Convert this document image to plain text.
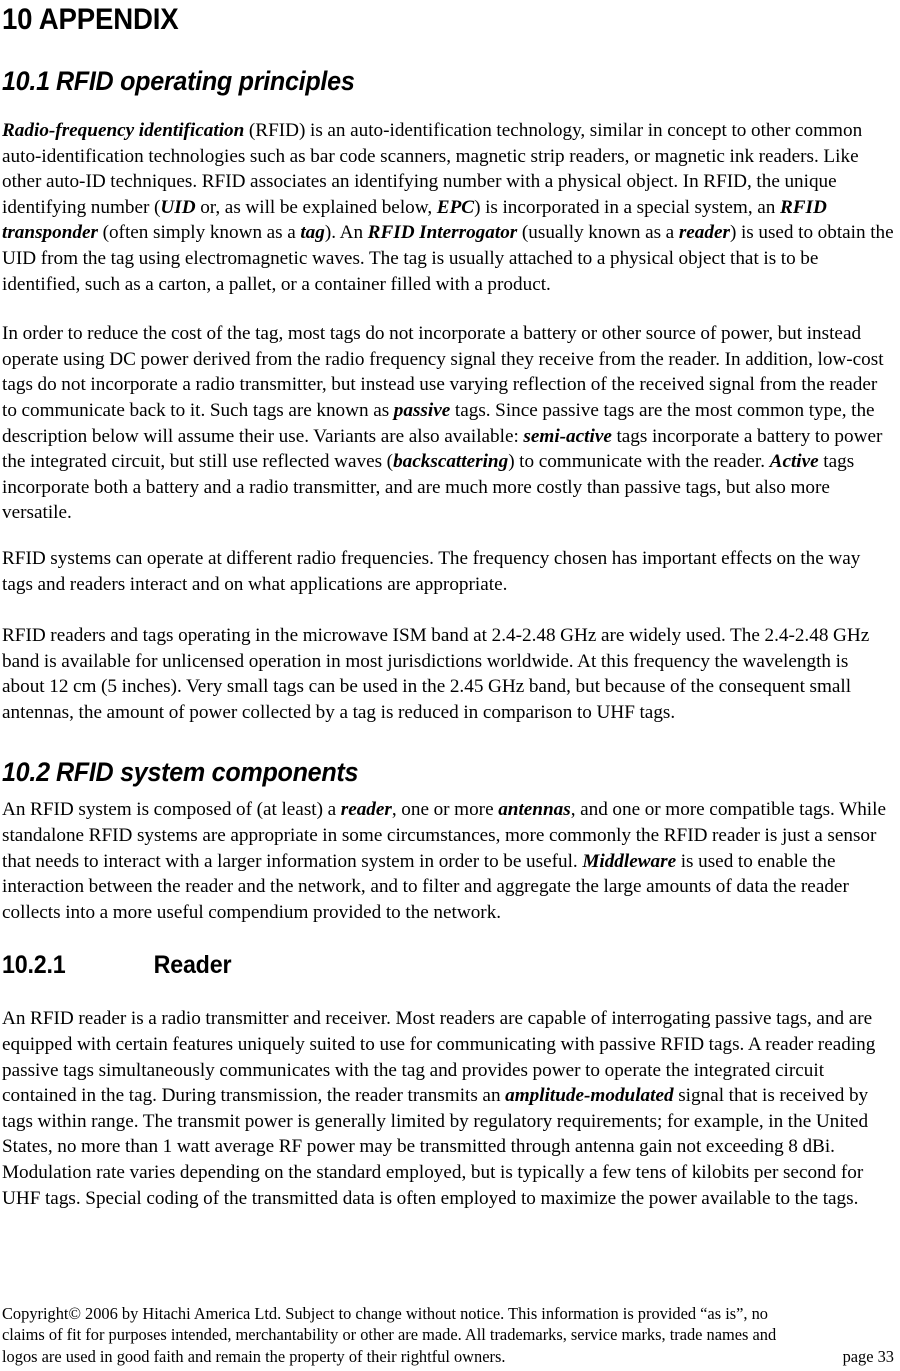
10 APPENDIX
10.1 RFID operating principles

Radio-frequency identification (RFID) is an auto-identification technology, similar in concept to other common auto-identification technologies such as bar code scanners, magnetic strip readers, or magnetic ink readers. Like other auto-ID techniques. RFID associates an identifying number with a physical object. In RFID, the unique identifying number (UID or, as will be explained below, EPC) is incorporated in a special system, an RFID transponder (often simply known as a tag). An RFID Interrogator (usually known as a reader) is used to obtain the UID from the tag using electromagnetic waves. The tag is usually attached to a physical object that is to be identified, such as a carton, a pallet, or a container filled with a product.

In order to reduce the cost of the tag, most tags do not incorporate a battery or other source of power, but instead operate using DC power derived from the radio frequency signal they receive from the reader. In addition, low-cost tags do not incorporate a radio transmitter, but instead use varying reflection of the received signal from the reader to communicate back to it. Such tags are known as passive tags. Since passive tags are the most common type, the description below will assume their use. Variants are also available: semi-active tags incorporate a battery to power the integrated circuit, but still use reflected waves (backscattering) to communicate with the reader. Active tags incorporate both a battery and a radio transmitter, and are much more costly than passive tags, but also more versatile.

RFID systems can operate at different radio frequencies. The frequency chosen has important effects on the way tags and readers interact and on what applications are appropriate.

RFID readers and tags operating in the microwave ISM band at 2.4-2.48 GHz are widely used. The 2.4-2.48 GHz band is available for unlicensed operation in most jurisdictions worldwide. At this frequency the wavelength is about 12 cm (5 inches). Very small tags can be used in the 2.45 GHz band, but because of the consequent small antennas, the amount of power collected by a tag is reduced in comparison to UHF tags.

10.2 RFID system components

An RFID system is composed of (at least) a reader, one or more antennas, and one or more compatible tags. While standalone RFID systems are appropriate in some circumstances, more commonly the RFID reader is just a sensor that needs to interact with a larger information system in order to be useful. Middleware is used to enable the interaction between the reader and the network, and to filter and aggregate the large amounts of data the reader collects into a more useful compendium provided to the network.

10.2.1	Reader

An RFID reader is a radio transmitter and receiver. Most readers are capable of interrogating passive tags, and are equipped with certain features uniquely suited to use for communicating with passive RFID tags. A reader reading passive tags simultaneously communicates with the tag and provides power to operate the integrated circuit contained in the tag. During transmission, the reader transmits an amplitude-modulated signal that is received by tags within range. The transmit power is generally limited by regulatory requirements; for example, in the United States, no more than 1 watt average RF power may be transmitted through antenna gain not exceeding 8 dBi. Modulation rate varies depending on the standard employed, but is typically a few tens of kilobits per second for UHF tags. Special coding of the transmitted data is often employed to maximize the power available to the tags.

Copyright© 2006 by Hitachi America Ltd. Subject to change without notice. This information is provided “as is”, no
claims of fit for purposes intended, merchantability or other are made. All trademarks, service marks, trade names and
logos are used in good faith and remain the property of their rightful owners.	page 33
